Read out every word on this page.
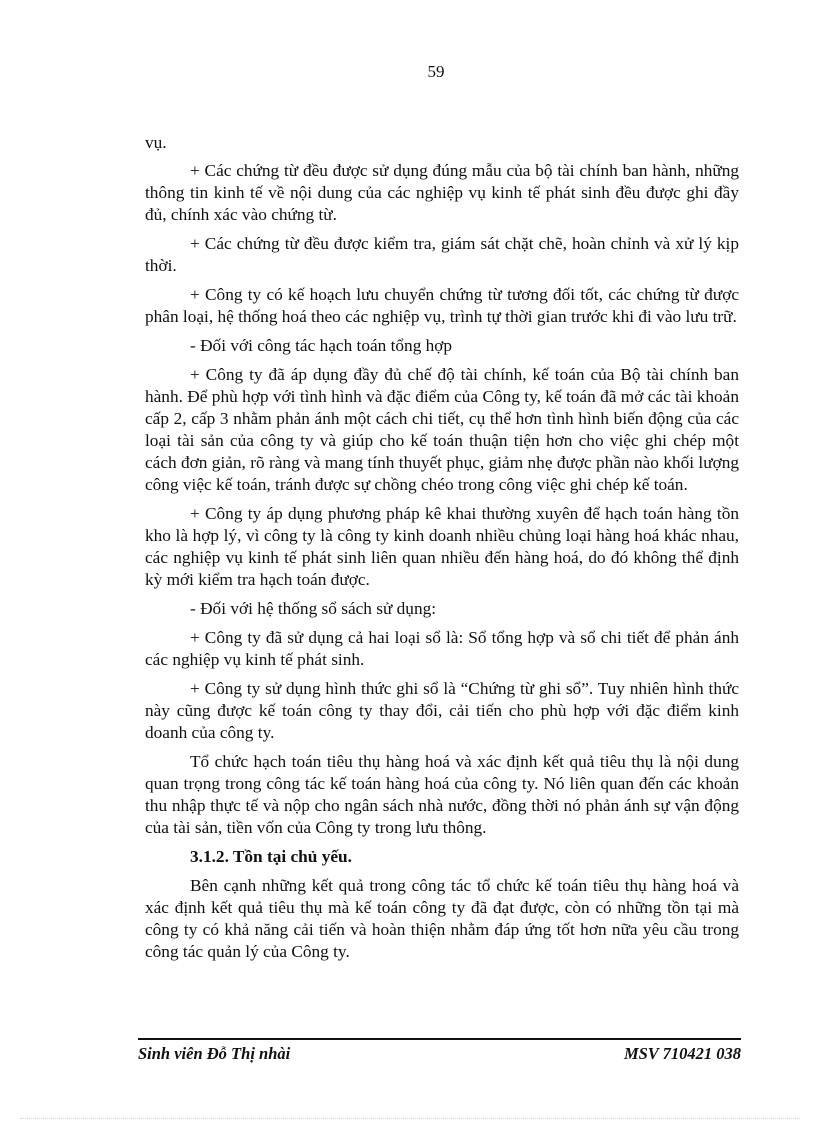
59

vụ.

+ Các chứng từ đều được sử dụng đúng mẫu của bộ tài chính ban hành, những thông tin kinh tế về nội dung của các nghiệp vụ kinh tế phát sinh đều được ghi đầy đủ, chính xác vào chứng từ.

+ Các chứng từ đều được kiểm tra, giám sát chặt chẽ, hoàn chỉnh và xử lý kịp thời.

+ Công ty có kế hoạch lưu chuyển chứng từ tương đối tốt, các chứng từ được phân loại, hệ thống hoá theo các nghiệp vụ, trình tự thời gian trước khi đi vào lưu trữ.

- Đối với công tác hạch toán tổng hợp

+ Công ty đã áp dụng đầy đủ chế độ tài chính, kế toán của Bộ tài chính ban hành. Để phù hợp với tình hình và đặc điểm của Công ty, kế toán đã mở các tài khoản cấp 2, cấp 3 nhằm phản ánh một cách chi tiết, cụ thể hơn tình hình biến động của các loại tài sản của công ty và giúp cho kế toán thuận tiện hơn cho việc ghi chép một cách đơn giản, rõ ràng và mang tính thuyết phục, giảm nhẹ được phần nào khối lượng công việc kế toán, tránh được sự chồng chéo trong công việc ghi chép kế toán.

+ Công ty áp dụng phương pháp kê khai thường xuyên để hạch toán hàng tồn kho là hợp lý, vì công ty là công ty kinh doanh nhiều chủng loại hàng hoá khác nhau, các nghiệp vụ kinh tế phát sinh liên quan nhiều đến hàng hoá, do đó không thể định kỳ mới kiểm tra hạch toán được.

- Đối với hệ thống sổ sách sử dụng:

+ Công ty đã sử dụng cả hai loại sổ là: Sổ tổng hợp và sổ chi tiết để phản ánh các nghiệp vụ kinh tế phát sinh.

+ Công ty sử dụng hình thức ghi sổ là “Chứng từ ghi sổ”. Tuy nhiên hình thức này cũng được kế toán công ty thay đổi, cải tiến cho phù hợp với đặc điểm kinh doanh của công ty.

Tổ chức hạch toán tiêu thụ hàng hoá và xác định kết quả tiêu thụ là nội dung quan trọng trong công tác kế toán hàng hoá của công ty. Nó liên quan đến các khoản thu nhập thực tế và nộp cho ngân sách nhà nước, đồng thời nó phản ánh sự vận động của tài sản, tiền vốn của Công ty trong lưu thông.

3.1.2. Tồn tại chủ yếu.

Bên cạnh những kết quả trong công tác tổ chức kế toán tiêu thụ hàng hoá và xác định kết quả tiêu thụ mà kế toán công ty đã đạt được, còn có những tồn tại mà công ty có khả năng cải tiến và hoàn thiện nhằm đáp ứng tốt hơn nữa yêu cầu trong công tác quản lý của Công ty.

Sinh viên Đỗ Thị nhài	MSV 710421 038
